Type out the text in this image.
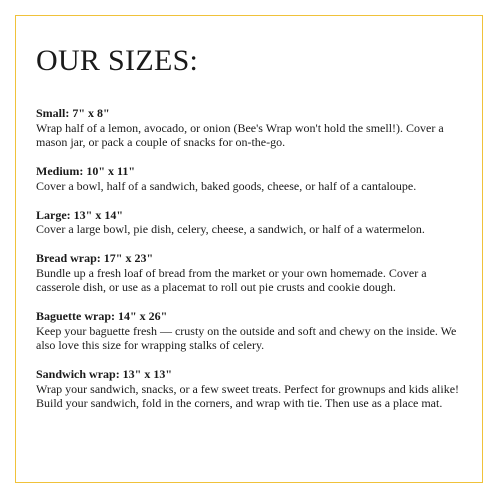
OUR SIZES:
Small: 7" x 8"
Wrap half of a lemon, avocado, or onion (Bee's Wrap won't hold the smell!). Cover a
mason jar, or pack a couple of snacks for on-the-go.
Medium: 10" x 11"
Cover a bowl, half of a sandwich, baked goods, cheese, or half of a cantaloupe.
Large: 13" x 14"
Cover a large bowl, pie dish, celery, cheese, a sandwich, or half of a watermelon.
Bread wrap: 17" x 23"
Bundle up a fresh loaf of bread from the market or your own homemade. Cover a
casserole dish, or use as a placemat to roll out pie crusts and cookie dough.
Baguette wrap: 14" x 26"
Keep your baguette fresh — crusty on the outside and soft and chewy on the inside. We
also love this size for wrapping stalks of celery.
Sandwich wrap: 13" x 13"
Wrap your sandwich, snacks, or a few sweet treats. Perfect for grownups and kids alike!
Build your sandwich, fold in the corners, and wrap with tie. Then use as a place mat.
